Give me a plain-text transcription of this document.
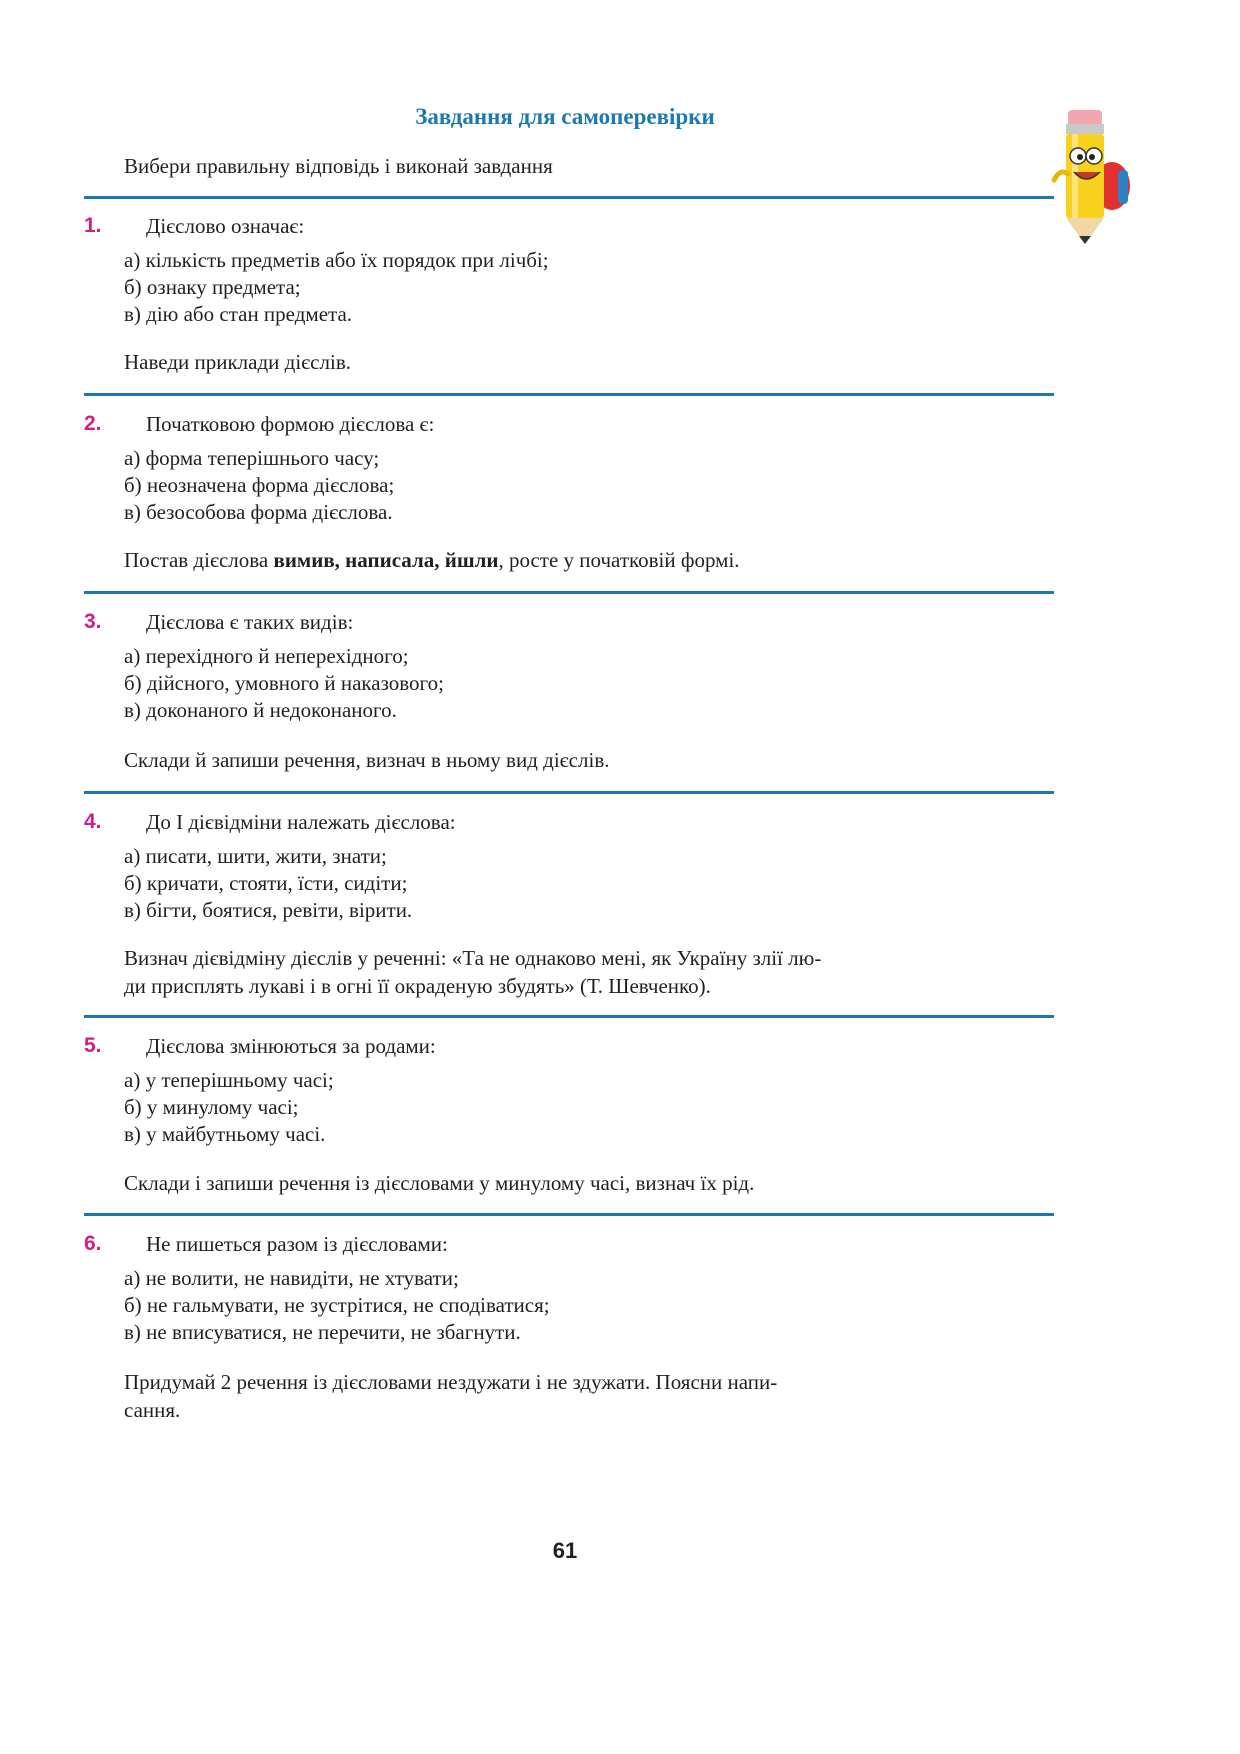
Завдання для самоперевірки
Вибери правильну відповідь і виконай завдання
1. Дієслово означає:
а) кількість предметів або їх порядок при лічбі;
б) ознаку предмета;
в) дію або стан предмета.
Наведи приклади дієслів.
2. Початковою формою дієслова є:
а) форма теперішнього часу;
б) неозначена форма дієслова;
в) безособова форма дієслова.
Постав дієслова вимив, написала, йшли, росте у початковій формі.
3. Дієслова є таких видів:
а) перехідного й неперехідного;
б) дійсного, умовного й наказового;
в) доконаного й недоконаного.
Склади й запиши речення, визнач в ньому вид дієслів.
4. До І дієвідміни належать дієслова:
а) писати, шити, жити, знати;
б) кричати, стояти, їсти, сидіти;
в) бігти, боятися, ревіти, вірити.
Визнач дієвідміну дієслів у реченні: «Та не однаково мені, як Україну злії лю-
ди присплять лукаві і в огні її окраденую збудять» (Т. Шевченко).
5. Дієслова змінюються за родами:
а) у теперішньому часі;
б) у минулому часі;
в) у майбутньому часі.
Склади і запиши речення із дієсловами у минулому часі, визнач їх рід.
6. Не пишеться разом із дієсловами:
а) не волити, не навидіти, не хтувати;
б) не гальмувати, не зустрітися, не сподіватися;
в) не вписуватися, не перечити, не збагнути.
Придумай 2 речення із дієсловами нездужати і не здужати. Поясни напи-
сання.
61
